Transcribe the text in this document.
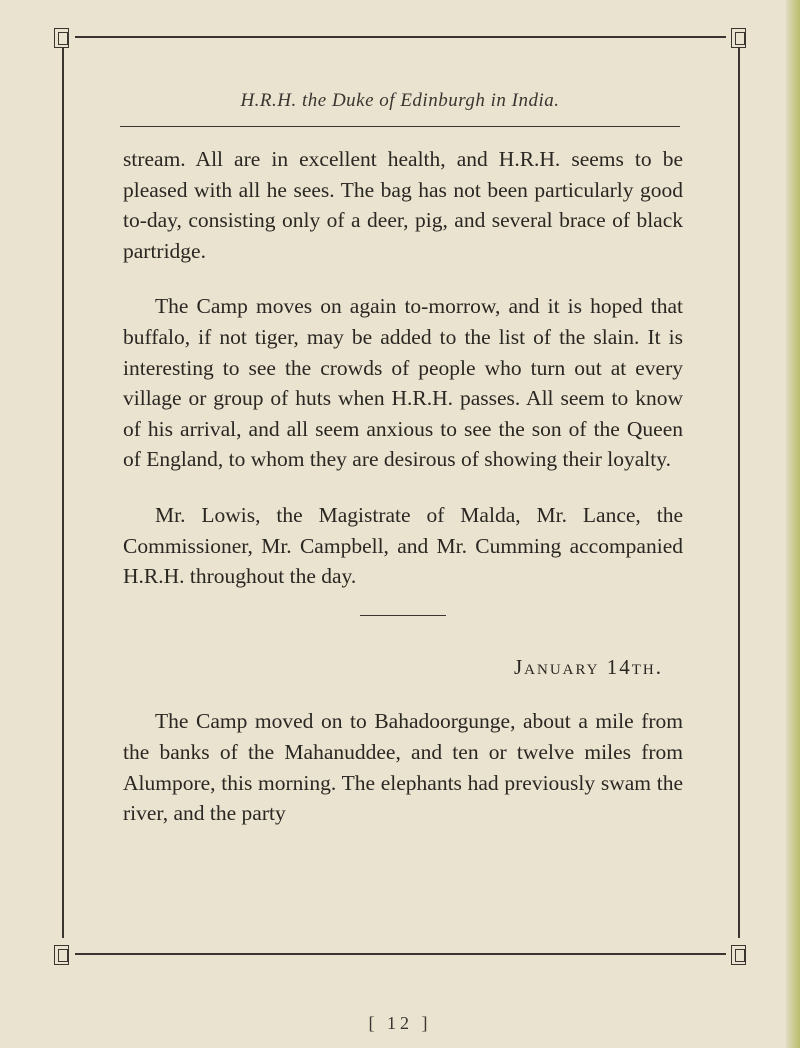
H.R.H. the Duke of Edinburgh in India.

stream. All are in excellent health, and H.R.H. seems to be pleased with all he sees. The bag has not been particularly good to-day, consisting only of a deer, pig, and several brace of black partridge.

The Camp moves on again to-morrow, and it is hoped that buffalo, if not tiger, may be added to the list of the slain. It is interesting to see the crowds of people who turn out at every village or group of huts when H.R.H. passes. All seem to know of his arrival, and all seem anxious to see the son of the Queen of England, to whom they are desirous of showing their loyalty.

Mr. Lowis, the Magistrate of Malda, Mr. Lance, the Commissioner, Mr. Campbell, and Mr. Cumming accompanied H.R.H. throughout the day.

January 14th.

The Camp moved on to Bahadoorgunge, about a mile from the banks of the Mahanuddee, and ten or twelve miles from Alumpore, this morning. The elephants had previously swam the river, and the party

[ 12 ]
